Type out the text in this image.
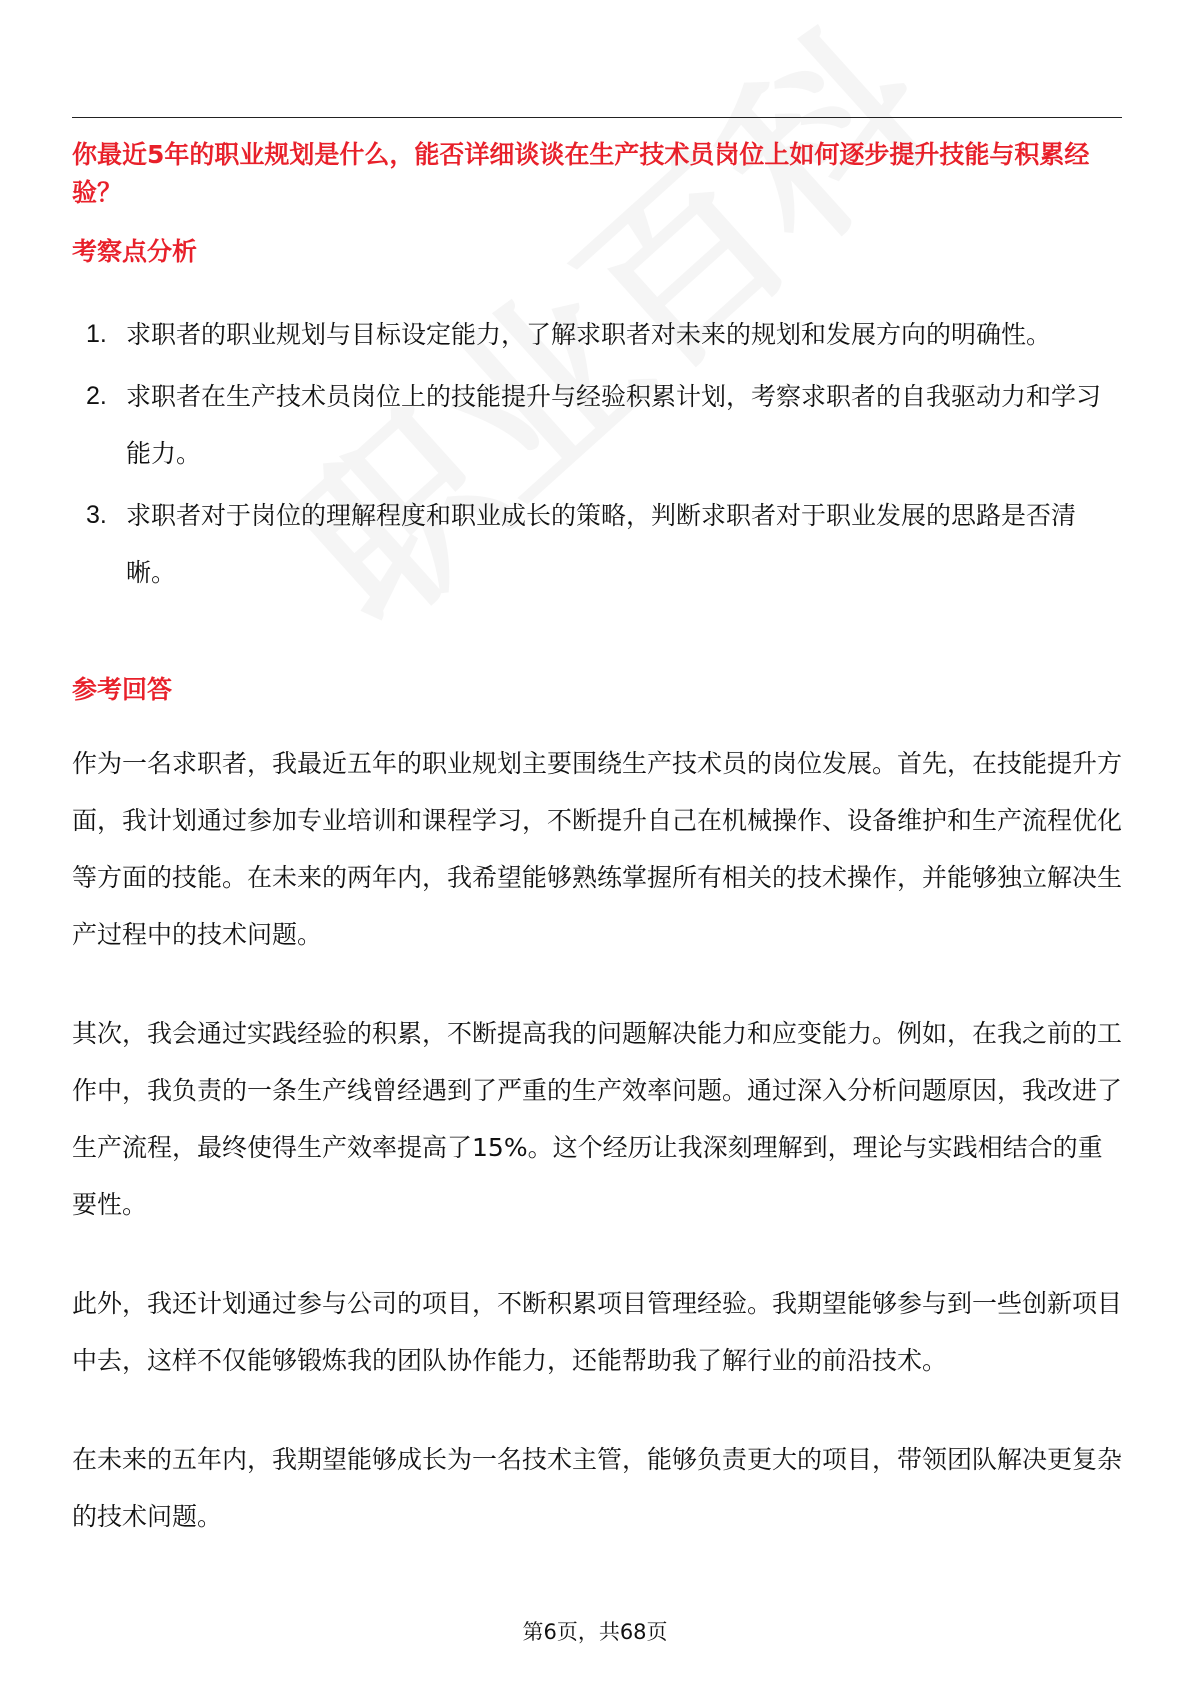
你最近5年的职业规划是什么，能否详细谈谈在生产技术员岗位上如何逐步提升技能与积累经验？
考察点分析
1. 求职者的职业规划与目标设定能力，了解求职者对未来的规划和发展方向的明确性。
2. 求职者在生产技术员岗位上的技能提升与经验积累计划，考察求职者的自我驱动力和学习能力。
3. 求职者对于岗位的理解程度和职业成长的策略，判断求职者对于职业发展的思路是否清晰。
参考回答

作为一名求职者，我最近五年的职业规划主要围绕生产技术员的岗位发展。首先，在技能提升方面，我计划通过参加专业培训和课程学习，不断提升自己在机械操作、设备维护和生产流程优化等方面的技能。在未来的两年内，我希望能够熟练掌握所有相关的技术操作，并能够独立解决生产过程中的技术问题。

其次，我会通过实践经验的积累，不断提高我的问题解决能力和应变能力。例如，在我之前的工作中，我负责的一条生产线曾经遇到了严重的生产效率问题。通过深入分析问题原因，我改进了生产流程，最终使得生产效率提高了15%。这个经历让我深刻理解到，理论与实践相结合的重要性。

此外，我还计划通过参与公司的项目，不断积累项目管理经验。我期望能够参与到一些创新项目中去，这样不仅能够锻炼我的团队协作能力，还能帮助我了解行业的前沿技术。

在未来的五年内，我期望能够成长为一名技术主管，能够负责更大的项目，带领团队解决更复杂的技术问题。

第6页，共68页
